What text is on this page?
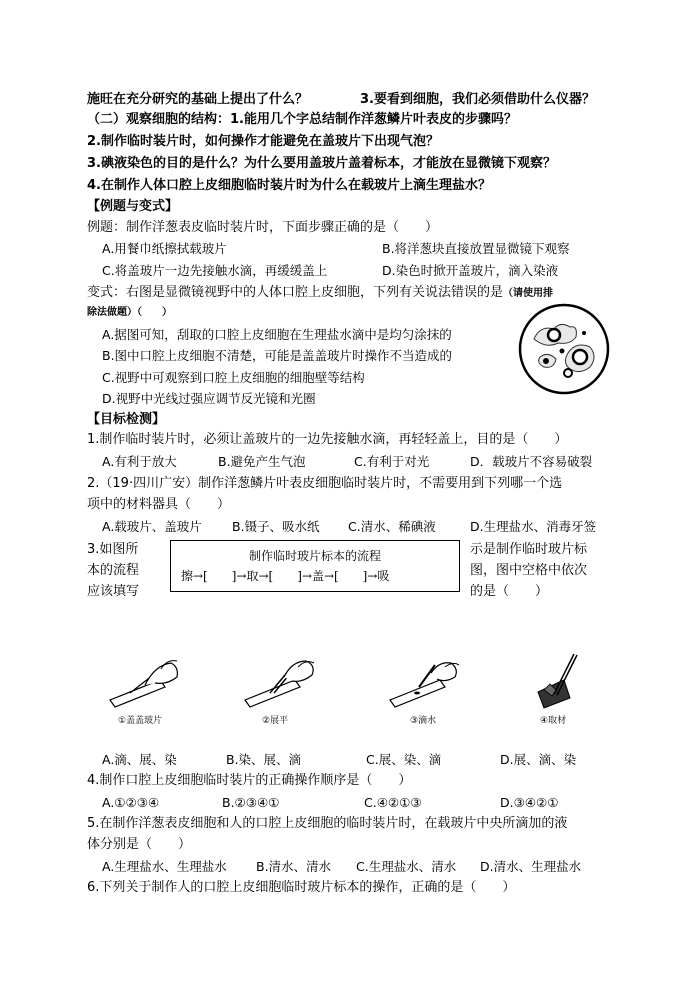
施旺在充分研究的基础上提出了什么？	3.要看到细胞，我们必须借助什么仪器？
（二）观察细胞的结构：1.能用几个字总结制作洋葱鳞片叶表皮的步骤吗？
2.制作临时装片时，如何操作才能避免在盖玻片下出现气泡？
3.碘液染色的目的是什么？为什么要用盖玻片盖着标本，才能放在显微镜下观察？
4.在制作人体口腔上皮细胞临时装片时为什么在载玻片上滴生理盐水？
【例题与变式】
例题：制作洋葱表皮临时装片时，下面步骤正确的是（　　）
A.用餐巾纸擦拭载玻片	B.将洋葱块直接放置显微镜下观察
C.将盖玻片一边先接触水滴，再缓缓盖上	D.染色时掀开盖玻片，滴入染液
变式：右图是显微镜视野中的人体口腔上皮细胞，下列有关说法错误的是（请使用排
除法做题）（　　）
A.据图可知，刮取的口腔上皮细胞在生理盐水滴中是均匀涂抹的
B.图中口腔上皮细胞不清楚，可能是盖盖玻片时操作不当造成的
C.视野中可观察到口腔上皮细胞的细胞壁等结构
D.视野中光线过强应调节反光镜和光圈
【目标检测】
1.制作临时装片时，必须让盖玻片的一边先接触水滴，再轻轻盖上，目的是（　　）
A.有利于放大	B.避免产生气泡	C.有利于对光	D．载玻片不容易破裂
2.（19·四川广安）制作洋葱鳞片叶表皮细胞临时装片时，不需要用到下列哪一个选
项中的材料器具（　　）
A.载玻片、盖玻片 B.镊子、吸水纸 C.清水、稀碘液	D.生理盐水、消毒牙签
3.如图所
本的流程
应该填写
示是制作临时玻片标
图，图中空格中依次
的是（　　）
制作临时玻片标本的流程
擦→[　　]→取→[　　]→盖→[　　]→吸
①盖盖玻片	②展平	③滴水	④取材
A.滴、展、染	B.染、展、滴	C.展、染、滴	D.展、滴、染
4.制作口腔上皮细胞临时装片的正确操作顺序是（　　）
A.①②③④	B.②③④①	C.④②①③	D.③④②①
5.在制作洋葱表皮细胞和人的口腔上皮细胞的临时装片时，在载玻片中央所滴加的液
体分别是（　　）
A.生理盐水、生理盐水 B.清水、清水 C.生理盐水、清水 D.清水、生理盐水
6.下列关于制作人的口腔上皮细胞临时玻片标本的操作，正确的是（　　）
